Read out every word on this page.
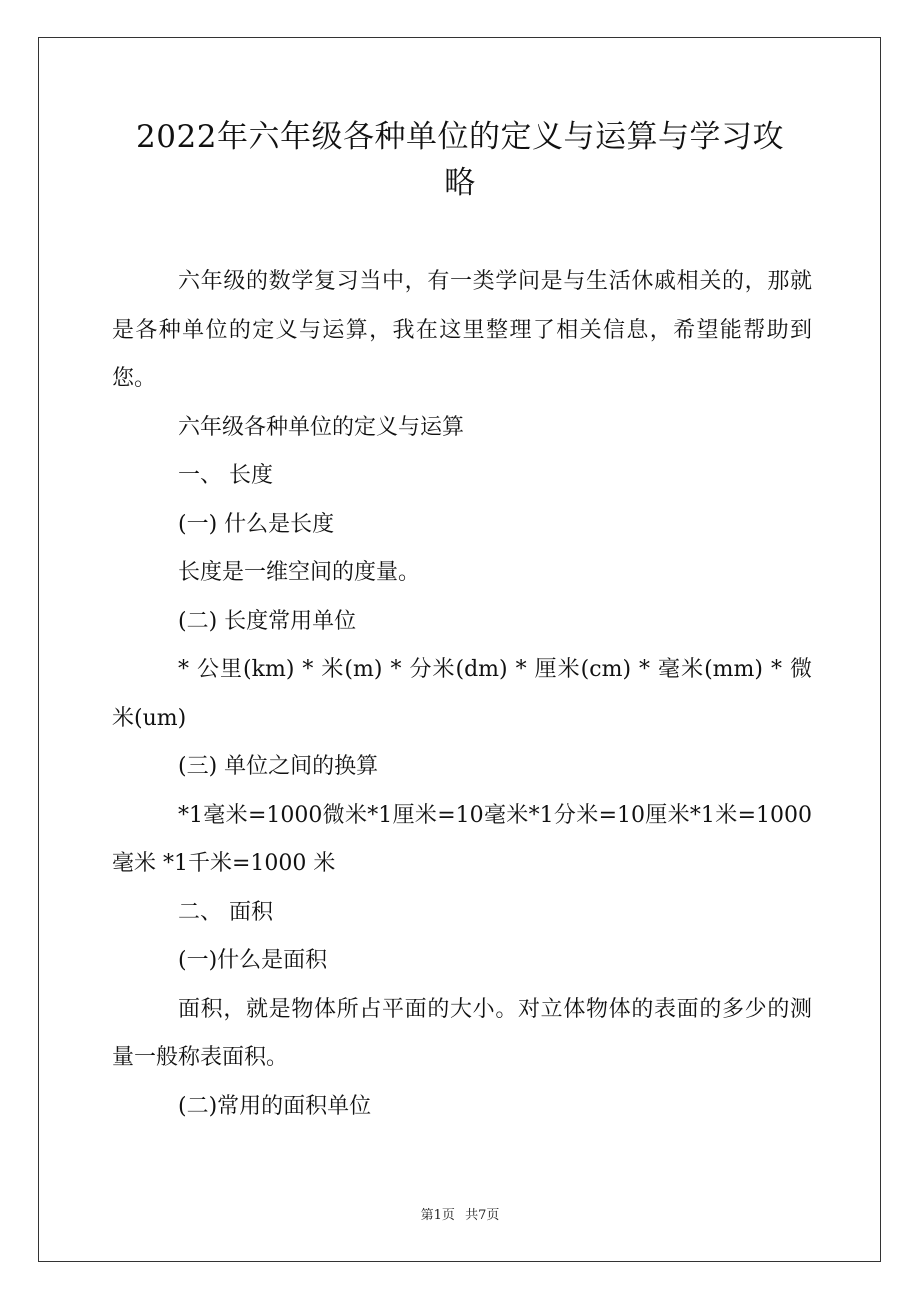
2022年六年级各种单位的定义与运算与学习攻
略

六年级的数学复习当中，有一类学问是与生活休戚相关的，那就是各种单位的定义与运算，我在这里整理了相关信息，希望能帮助到您。

六年级各种单位的定义与运算

一、 长度

(一) 什么是长度

长度是一维空间的度量。

(二) 长度常用单位

* 公里(km) * 米(m) * 分米(dm) * 厘米(cm) * 毫米(mm) * 微米(um)

(三) 单位之间的换算

*1毫米=1000微米*1厘米=10毫米*1分米=10厘米*1米=1000 毫米 *1千米=1000 米

二、 面积

(一)什么是面积

面积，就是物体所占平面的大小。对立体物体的表面的多少的测量一般称表面积。

(二)常用的面积单位

第1页 共7页
